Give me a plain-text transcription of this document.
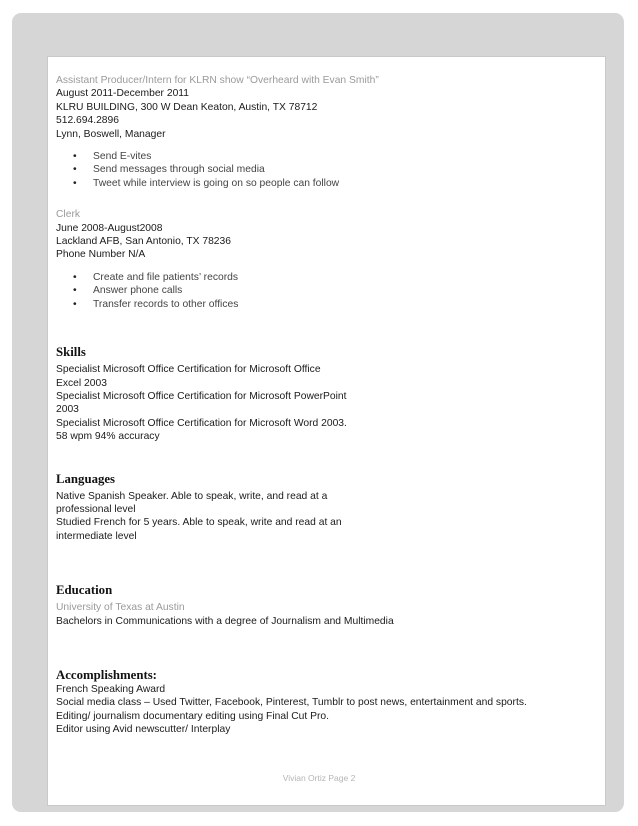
Assistant Producer/Intern for KLRN show “Overheard with Evan Smith”
August 2011-December 2011
KLRU BUILDING, 300 W Dean Keaton, Austin, TX 78712
512.694.2896
Lynn, Boswell, Manager
• Send E-vites
• Send messages through social media
• Tweet while interview is going on so people can follow
Clerk
June 2008-August2008
Lackland AFB, San Antonio, TX 78236
Phone Number N/A
• Create and file patients’ records
• Answer phone calls
• Transfer records to other offices
Skills
Specialist Microsoft Office Certification for Microsoft Office
Excel 2003
Specialist Microsoft Office Certification for Microsoft PowerPoint
2003
Specialist Microsoft Office Certification for Microsoft Word 2003.
58 wpm 94% accuracy
Languages
Native Spanish Speaker. Able to speak, write, and read at a
professional level
Studied French for 5 years. Able to speak, write and read at an
intermediate level
Education
University of Texas at Austin
Bachelors in Communications with a degree of Journalism and Multimedia
Accomplishments:
French Speaking Award
Social media class – Used Twitter, Facebook, Pinterest, Tumblr to post news, entertainment and sports.
Editing/ journalism documentary editing using Final Cut Pro.
Editor using Avid newscutter/ Interplay
Vivian Ortiz Page 2
